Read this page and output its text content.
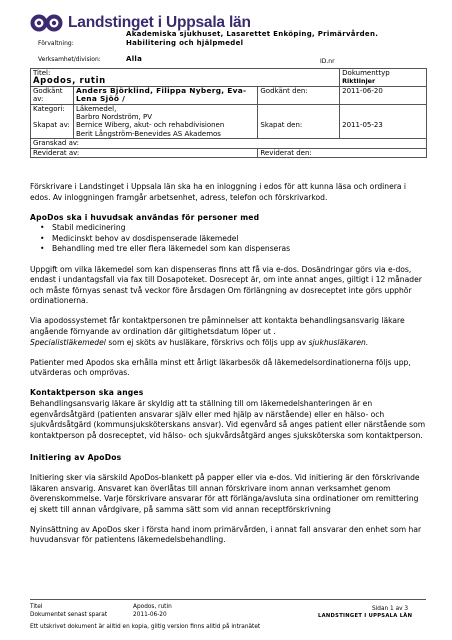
Landstinget i Uppsala län
Förvaltning:
Akademiska sjukhuset, Lasarettet Enköping, Primärvården. Habilitering och hjälpmedel
Verksamhet/division:	Alla	ID.nr
Titel:			Dokumenttyp
Apodos, rutin			Riktlinjer
Godkänt av:	Anders Björklind, Filippa Nyberg, Eva-Lena Sjöö /	Godkänt den:	2011-06-20
Kategori:	Läkemedel,		
	Barbro Nordström, PV		
Skapat av:	Bernice Wiberg, akut- och rehabdivisionen	Skapat den:	2011-05-23
	Berit Långström-Benevides AS Akademos		
Granskad av:			
Reviderat av:		Reviderat den:	

Förskrivare i Landstinget i Uppsala län ska ha en inloggning i edos för att kunna läsa och ordinera i edos. Av inloggningen framgår arbetsenhet, adress, telefon och förskrivarkod.

ApoDos ska i huvudsak användas för personer med
• Stabil medicinering
• Medicinskt behov av dosdispenserade läkemedel
• Behandling med tre eller flera läkemedel som kan dispenseras

Uppgift om vilka läkemedel som kan dispenseras finns att få via e-dos. Dosändringar görs via e-dos, endast i undantagsfall via fax till Dosapoteket. Dosrecept är, om inte annat anges, giltigt i 12 månader och måste förnyas senast två veckor före årsdagen Om förlängning av dosreceptet inte görs upphör ordinationerna.

Via apodossystemet får kontaktpersonen tre påminnelser att kontakta behandlingsansvarig läkare angående förnyande av ordination där giltighetsdatum löper ut .

Specialistläkemedel som ej sköts av husläkare, förskrivs och följs upp av sjukhusläkaren.

Patienter med Apodos ska erhålla minst ett årligt läkarbesök då läkemedelsordinationerna följs upp, utvärderas och omprövas.

Kontaktperson ska anges

Behandlingsansvarig läkare är skyldig att ta ställning till om läkemedelshanteringen är en egenvårdsåtgärd (patienten ansvarar själv eller med hjälp av närstående) eller en hälso- och sjukvårdsåtgärd (kommunsjuksköterskans ansvar). Vid egenvård så anges patient eller närstående som kontaktperson på dosreceptet, vid hälso- och sjukvårdsåtgärd anges sjuksköterska som kontaktperson.

Initiering av ApoDos

Initiering sker via särskild ApoDos-blankett på papper eller via e-dos. Vid initiering är den förskrivande läkaren ansvarig. Ansvaret kan överlåtas till annan förskrivare inom annan verksamhet genom överenskommelse. Varje förskrivare ansvarar för att förlänga/avsluta sina ordinationer om remittering ej skett till annan vårdgivare, på samma sätt som vid annan receptförskrivning

Nyinsättning av ApoDos sker i första hand inom primärvården, i annat fall ansvarar den enhet som har huvudansvar för patientens läkemedelsbehandling.

Titel	Apodos, rutin
Dokumentet senast sparat	2011-06-20
Sidan 1 av 3
LANDSTINGET I UPPSALA LÄN
Ett utskrivet dokument är alltid en kopia, giltig version finns alltid på intranätet
